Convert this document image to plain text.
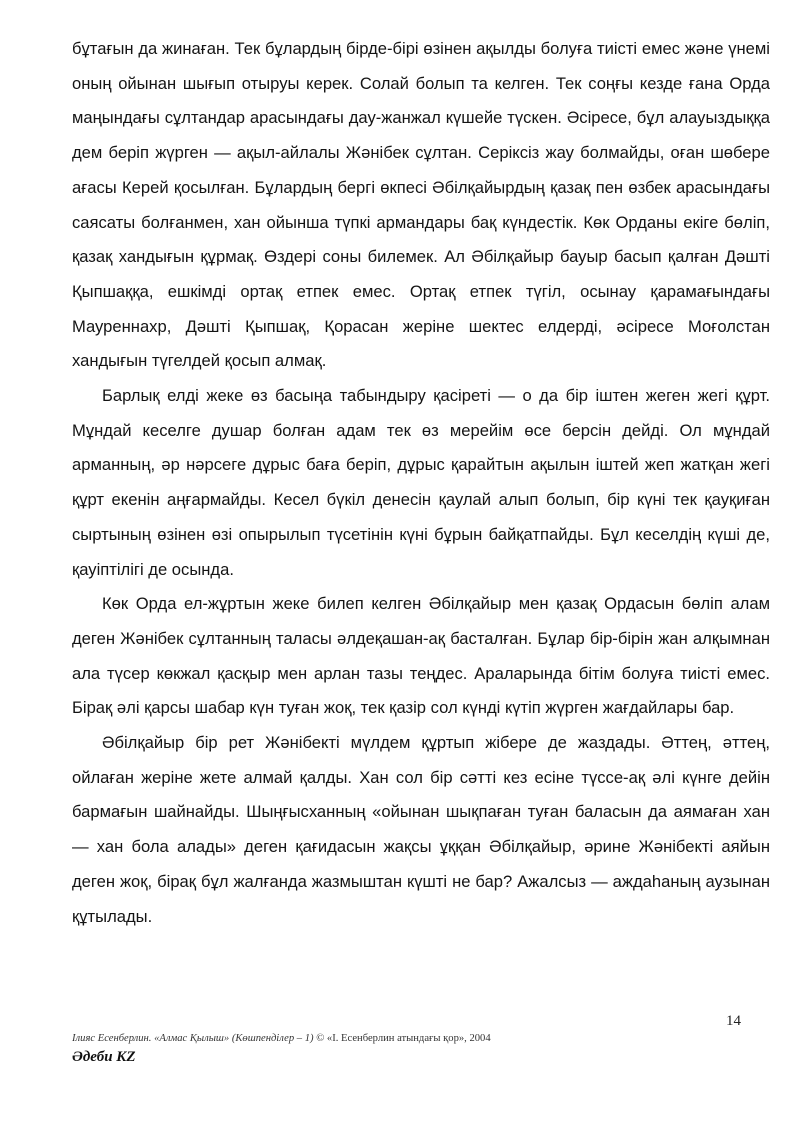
бұтағын да жинаған. Тек бұлардың бірде-бірі өзінен ақылды болуға тиісті емес және үнемі оның ойынан шығып отыруы керек. Солай болып та келген. Тек соңғы кезде ғана Орда маңындағы сұлтандар арасындағы дау-жанжал күшейе түскен. Әсіресе, бұл алауыздыққа дем беріп жүрген — ақыл-айлалы Жәнібек сұлтан. Серіксіз жау болмайды, оған шөбере ағасы Керей қосылған. Бұлардың бергі өкпесі Әбілқайырдың қазақ пен өзбек арасындағы саясаты болғанмен, хан ойынша түпкі армандары бақ күндестік. Көк Орданы екіге бөліп, қазақ хандығын құрмақ. Өздері соны билемек. Ал Әбілқайыр бауыр басып қалған Дәшті Қыпшаққа, ешкімді ортақ етпек емес. Ортақ етпек түгіл, осынау қарамағындағы Мауреннахр, Дәшті Қыпшақ, Қорасан жеріне шектес елдерді, әсіресе Моғолстан хандығын түгелдей қосып алмақ.

Барлық елді жеке өз басыңа табындыру қасіреті — о да бір іштен жеген жегі құрт. Мұндай кеселге душар болған адам тек өз мерейім өсе берсін дейді. Ол мұндай арманның, әр нәрсеге дұрыс баға беріп, дұрыс қарайтын ақылын іштей жеп жатқан жегі құрт екенін аңғармайды. Кесел бүкіл денесін қаулай алып болып, бір күні тек қауқиған сыртының өзінен өзі опырылып түсетінін күні бұрын байқатпайды. Бұл кеселдің күші де, қауіптілігі де осында.

Көк Орда ел-жұртын жеке билеп келген Әбілқайыр мен қазақ Ордасын бөліп алам деген Жәнібек сұлтанның таласы әлдеқашан-ақ басталған. Бұлар бір-бірін жан алқымнан ала түсер көкжал қасқыр мен арлан тазы теңдес. Араларында бітім болуға тиісті емес. Бірақ әлі қарсы шабар күн туған жоқ, тек қазір сол күнді күтіп жүрген жағдайлары бар.

Әбілқайыр бір рет Жәнібекті мүлдем құртып жібере де жаздады. Әттең, әттең, ойлаған жеріне жете алмай қалды. Хан сол бір сәтті кез есіне түссе-ақ әлі күнге дейін бармағын шайнайды. Шыңғысханның «ойынан шықпаған туған баласын да аямаған хан — хан бола алады» деген қағидасын жақсы ұққан Әбілқайыр, әрине Жәнібекті аяйын деген жоқ, бірақ бұл жалғанда жазмыштан күшті не бар? Ажалсыз — аждаһаның аузынан құтылады.

14
Ілияс Есенберлин. «Алмас Қылыш» (Көшпенділер – 1) © «І. Есенберлин атындағы қор», 2004
Әдеби KZ
